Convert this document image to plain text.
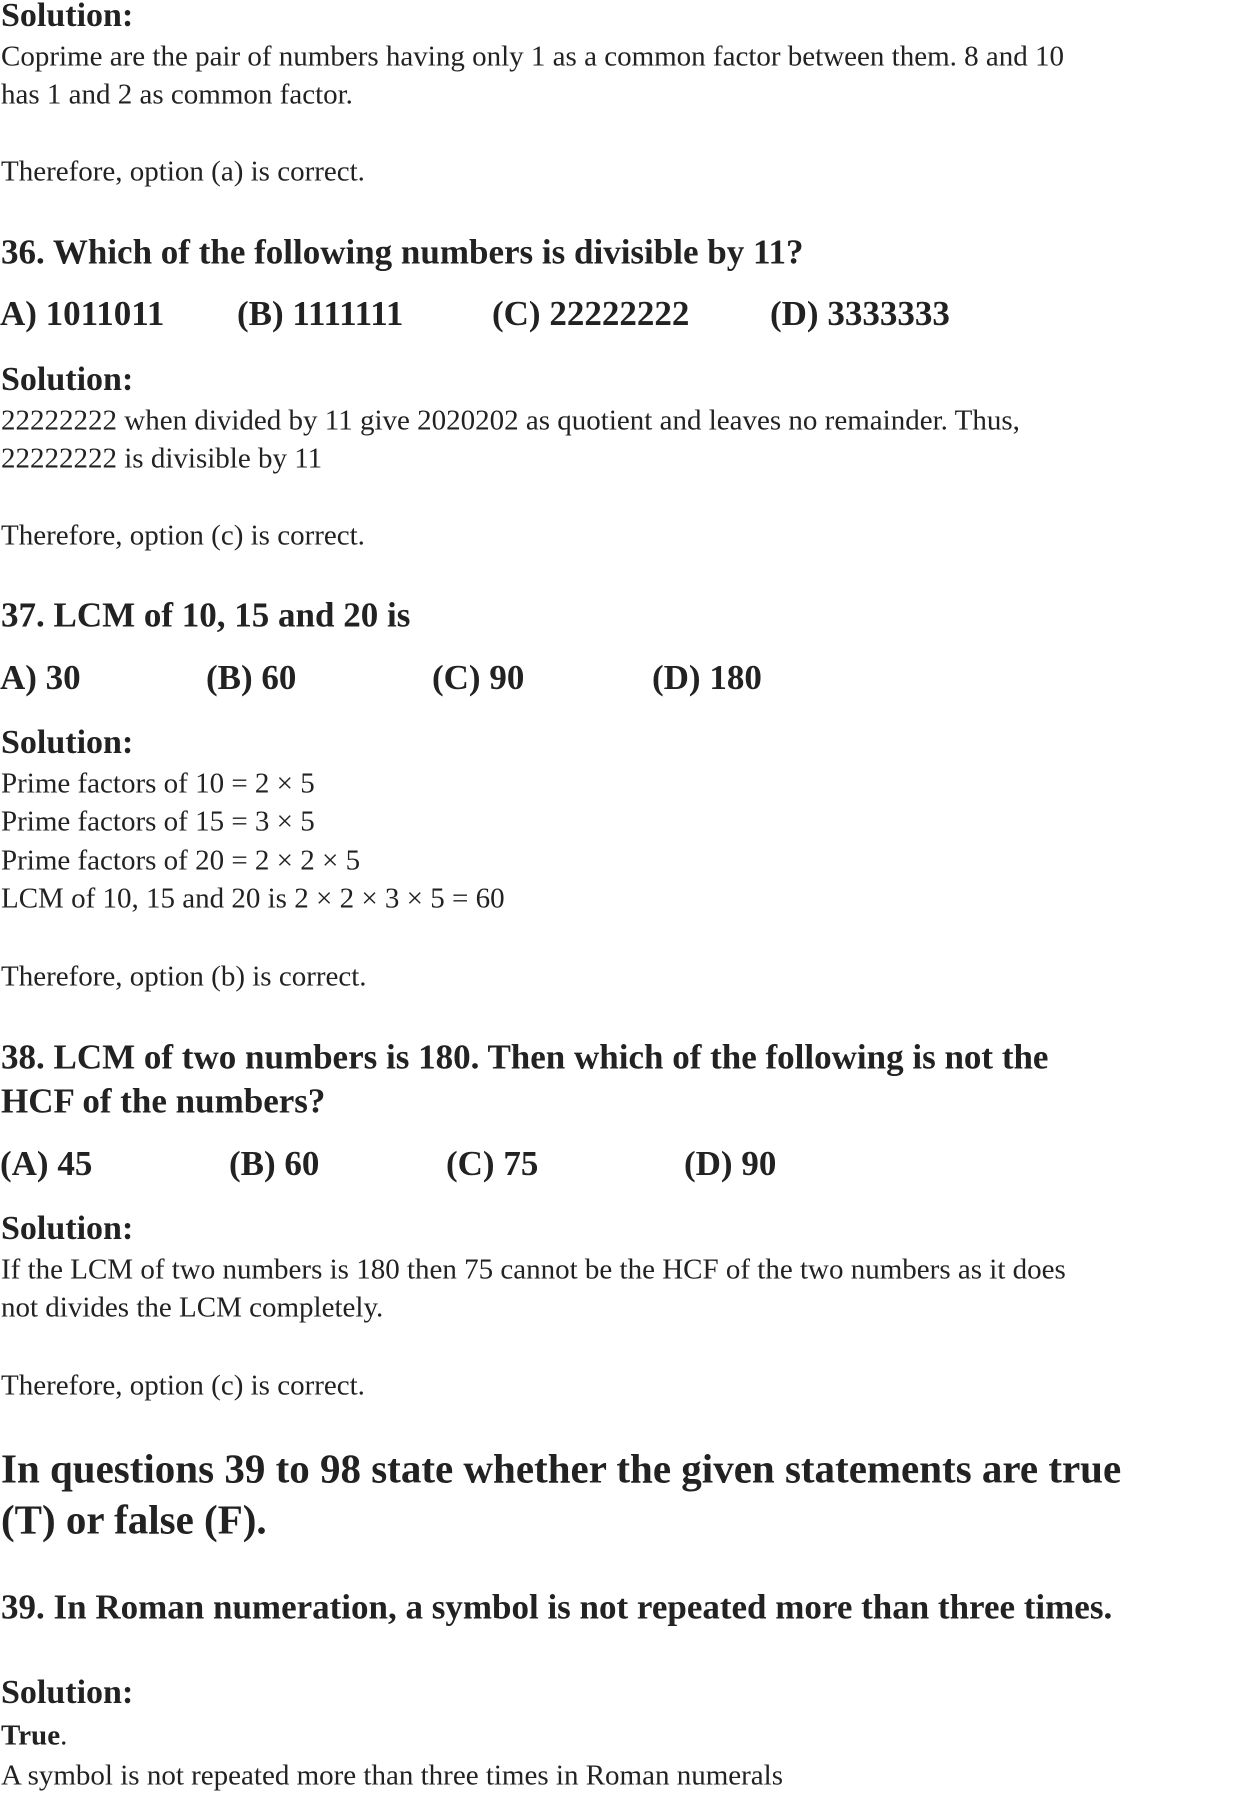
Solution:
Coprime are the pair of numbers having only 1 as a common factor between them. 8 and 10
has 1 and 2 as common factor.
Therefore, option (a) is correct.
36. Which of the following numbers is divisible by 11?
A) 1011011 (B) 1111111	(C) 22222222 (D) 3333333
Solution:
22222222 when divided by 11 give 2020202 as quotient and leaves no remainder. Thus,
22222222 is divisible by 11
Therefore, option (c) is correct.
37. LCM of 10, 15 and 20 is
A) 30	(B) 60	(C) 90	(D) 180
Solution:
Prime factors of 10 = 2 × 5
Prime factors of 15 = 3 × 5
Prime factors of 20 = 2 × 2 × 5
LCM of 10, 15 and 20 is 2 × 2 × 3 × 5 = 60
Therefore, option (b) is correct.
38. LCM of two numbers is 180. Then which of the following is not the
HCF of the numbers?
(A) 45	(B) 60	(C) 75	(D) 90
Solution:
If the LCM of two numbers is 180 then 75 cannot be the HCF of the two numbers as it does
not divides the LCM completely.
Therefore, option (c) is correct.
In questions 39 to 98 state whether the given statements are true
(T) or false (F).
39. In Roman numeration, a symbol is not repeated more than three times.
Solution:
True.
A symbol is not repeated more than three times in Roman numerals
